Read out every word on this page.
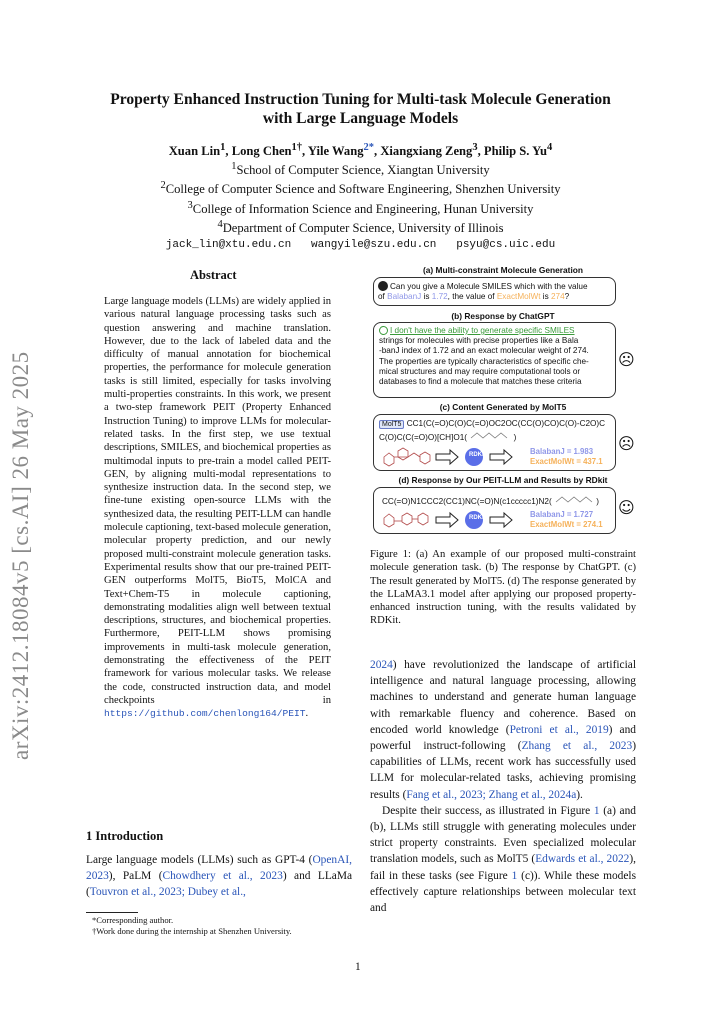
arXiv:2412.18084v5 [cs.AI] 26 May 2025
Property Enhanced Instruction Tuning for Multi-task Molecule Generation
with Large Language Models
Xuan Lin$^1$, Long Chen$^{1\dagger}$, Yile Wang$^{2*}$, Xiangxiang Zeng$^3$, Philip S. Yu$^4$
$^1$School of Computer Science, Xiangtan University
$^2$College of Computer Science and Software Engineering, Shenzhen University
$^3$College of Information Science and Engineering, Hunan University
$^4$Department of Computer Science, University of Illinois
jack_lin@xtu.edu.cn   wangyile@szu.edu.cn   psyu@cs.uic.edu
Abstract
Large language models (LLMs) are widely applied in various natural language processing tasks such as question answering and machine translation. However, due to the lack of labeled data and the difficulty of manual annotation for biochemical properties, the performance for molecule generation tasks is still limited, especially for tasks involving multi-properties constraints. In this work, we present a two-step framework PEIT (Property Enhanced Instruction Tuning) to improve LLMs for molecular-related tasks. In the first step, we use textual descriptions, SMILES, and biochemical properties as multimodal inputs to pre-train a model called PEIT-GEN, by aligning multi-modal representations to synthesize instruction data. In the second step, we fine-tune existing open-source LLMs with the synthesized data, the resulting PEIT-LLM can handle molecule captioning, text-based molecule generation, molecular property prediction, and our newly proposed multi-constraint molecule generation tasks. Experimental results show that our pre-trained PEIT-GEN outperforms MolT5, BioT5, MolCA and Text+Chem-T5 in molecule captioning, demonstrating modalities align well between textual descriptions, structures, and biochemical properties. Furthermore, PEIT-LLM shows promising improvements in multi-task molecule generation, demonstrating the effectiveness of the PEIT framework for various molecular tasks. We release the code, constructed instruction data, and model checkpoints in https://github.com/chenlong164/PEIT.
1 Introduction
Large language models (LLMs) such as GPT-4 (OpenAI, 2023), PaLM (Chowdhery et al., 2023) and LLaMa (Touvron et al., 2023; Dubey et al.,
*Corresponding author.
†Work done during the internship at Shenzhen University.
(a) Multi-constraint Molecule Generation
Can you give a Molecule SMILES which with the value
of BalabanJ is 1.72, the value of ExactMolWt is 274?
(b) Response by ChatGPT
I don't have the ability to generate specific SMILES
strings for molecules with precise properties like a Bala
-banJ index of 1.72 and an exact molecular weight of 274.
The properties are typically characteristics of specific che-
mical structures and may require computational tools or
databases to find a molecule that matches these criteria
☹
(c) Content Generated by MolT5
MolT5 CC1(C(=O)C(O)C(=O)OC2OC(CC(O)CO)C(O)-C2O)C
C(O)C(C(=O)O)[CH]O1(	)
RDKit	BalabanJ = 1.983
ExactMolWt = 437.1
☹
(d) Response by Our PEIT-LLM and Results by RDkit
CC(=O)N1CCC2(CC1)NC(=O)N(c1ccccc1)N2(	)
RDKit	BalabanJ = 1.727
ExactMolWt = 274.1
☺
Figure 1: (a) An example of our proposed multi-constraint molecule generation task. (b) The response by ChatGPT. (c) The result generated by MolT5. (d) The response generated by the LLaMA3.1 model after applying our proposed property-enhanced instruction tuning, with the results validated by RDKit.
2024) have revolutionized the landscape of artificial intelligence and natural language processing, allowing machines to understand and generate human language with remarkable fluency and coherence. Based on encoded world knowledge (Petroni et al., 2019) and powerful instruct-following (Zhang et al., 2023) capabilities of LLMs, recent work has successfully used LLM for molecular-related tasks, achieving promising results (Fang et al., 2023; Zhang et al., 2024a).
Despite their success, as illustrated in Figure 1 (a) and (b), LLMs still struggle with generating molecules under strict property constraints. Even specialized molecular translation models, such as MolT5 (Edwards et al., 2022), fail in these tasks (see Figure 1 (c)). While these models effectively capture relationships between molecular text and
1
